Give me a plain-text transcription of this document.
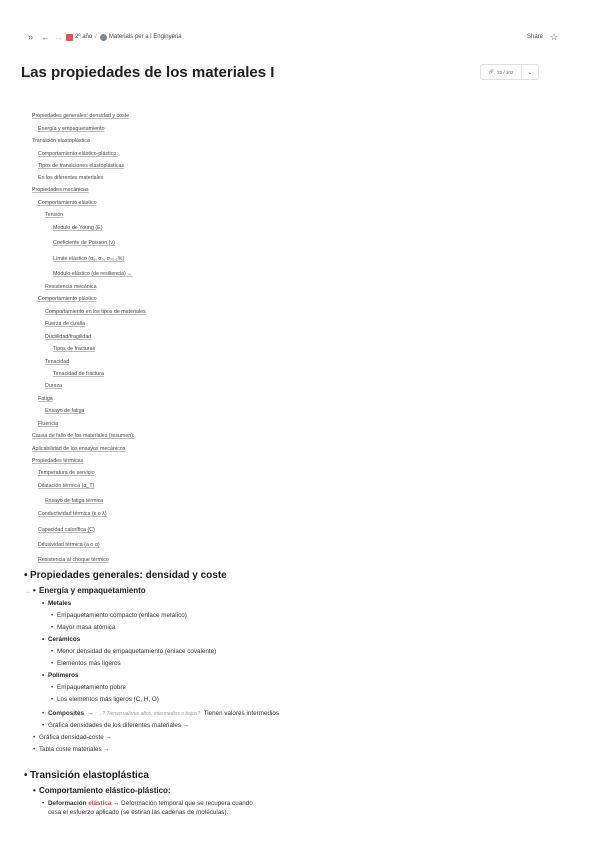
» ← → 2º año / Materials per a l Enginyeria	Share ☆
Las propiedades de los materiales I	🔗 32 / 102	⌄
Propiedades generales: densidad y coste
Energía y empaquetamiento
Transición elastoplástica
Comportamiento elástico-plástico:
Tipos de transiciones elastoplásticas
En los diferentes materiales
Propiedades mecánicas
Comportamiento elástico
Tensión
Módulo de Young (E)
Coeficiente de Poisson (ν)
Límite elástico (σₑ, σ₀, σₙ₀.₂%)
Módulo elástico (de resiliencia) ↔
Resistencia mecánica
Comportamiento plástico
Comportamiento en los tipos de materiales
Fuerza de cizalla
Ductilidad/fragilidad
Tipos de fracturas
Tenacidad
Tenacidad de fractura
Dureza
Fatiga
Ensayo de fatiga
Fluencia
Causa de fallo de los materiales (resumen):
Aplicabilidad de los ensayos mecánicos
Propiedades térmicas
Temperatura de servicio
Dilatación térmica (α_T)
Ensayo de fatiga térmica
Conductividad térmica (κ o λ)
Capacidad calorífica (C)
Difusividad térmica (a o α)
Resistencia al choque térmico
• Propiedades generales: densidad y coste
→ • Energía y empaquetamiento
• Metales
• Empaquetamiento compacto (enlace metálico)
• Mayor masa atómica
• Cerámicos
• Menor densidad de empaquetamiento (enlace covalente)
• Elementos más ligeros
• Polímeros
• Empaquetamiento pobre
• Los elementos más ligeros (C, H, O)
• Composites → →? Tienen valores altos, intermedios o bajos? Tienen valores intermedios
• Gráfica densidades de los diferentes materiales →
• Gráfica densidad-coste →
• Tabla coste materiales →
• Transición elastoplástica
• Comportamiento elástico-plástico:
• Deformación elástica ↔ Deformación temporal que se recupera cuando
cesa el esfuerzo aplicado (se estiran las cadenas de moléculas).
